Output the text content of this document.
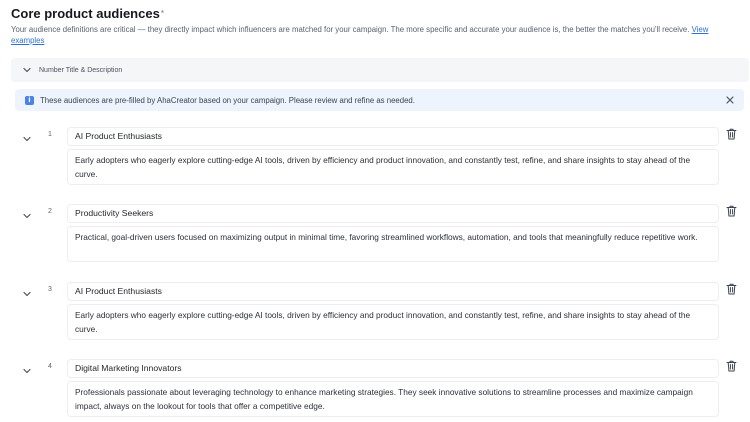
Core product audiences*
Your audience definitions are critical — they directly impact which influencers are matched for your campaign. The more specific and accurate your audience is, the better the matches you'll receive. View examples
Number Title & Description
i	These audiences are pre-filled by AhaCreator based on your campaign. Please review and refine as needed.
1	AI Product Enthusiasts
Early adopters who eagerly explore cutting-edge AI tools, driven by efficiency and product innovation, and constantly test, refine, and share insights to stay ahead of the curve.
2	Productivity Seekers
Practical, goal-driven users focused on maximizing output in minimal time, favoring streamlined workflows, automation, and tools that meaningfully reduce repetitive work.
3	AI Product Enthusiasts
Early adopters who eagerly explore cutting-edge AI tools, driven by efficiency and product innovation, and constantly test, refine, and share insights to stay ahead of the curve.
4	Digital Marketing Innovators
Professionals passionate about leveraging technology to enhance marketing strategies. They seek innovative solutions to streamline processes and maximize campaign impact, always on the lookout for tools that offer a competitive edge.
